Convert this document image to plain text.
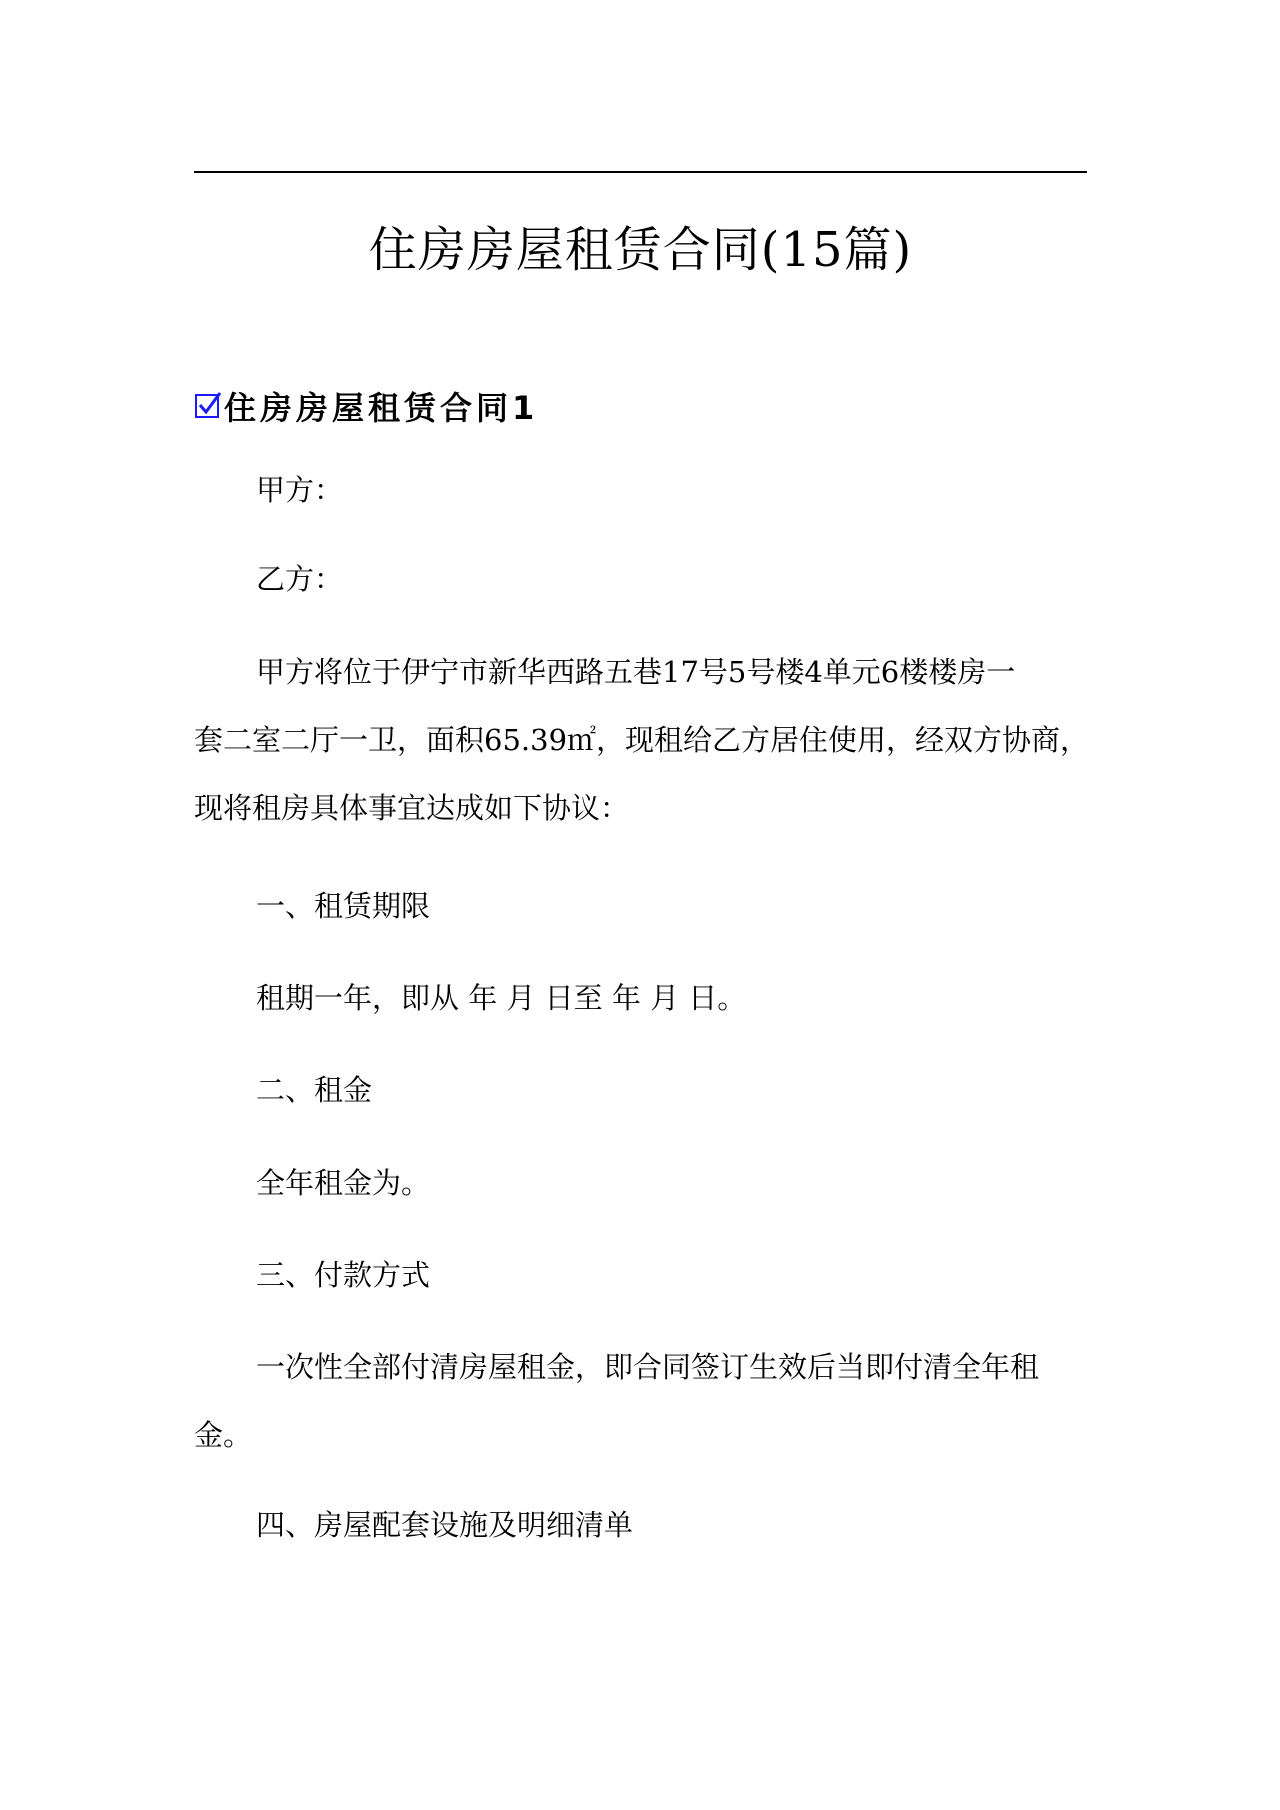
住房房屋租赁合同(15篇)
住房房屋租赁合同1
甲方：
乙方：
甲方将位于伊宁市新华西路五巷17号5号楼4单元6楼楼房一
套二室二厅一卫，面积65.39㎡，现租给乙方居住使用，经双方协商，
现将租房具体事宜达成如下协议：
一、租赁期限
租期一年，即从 年 月 日至 年 月 日。
二、租金
全年租金为。
三、付款方式
一次性全部付清房屋租金，即合同签订生效后当即付清全年租
金。
四、房屋配套设施及明细清单
